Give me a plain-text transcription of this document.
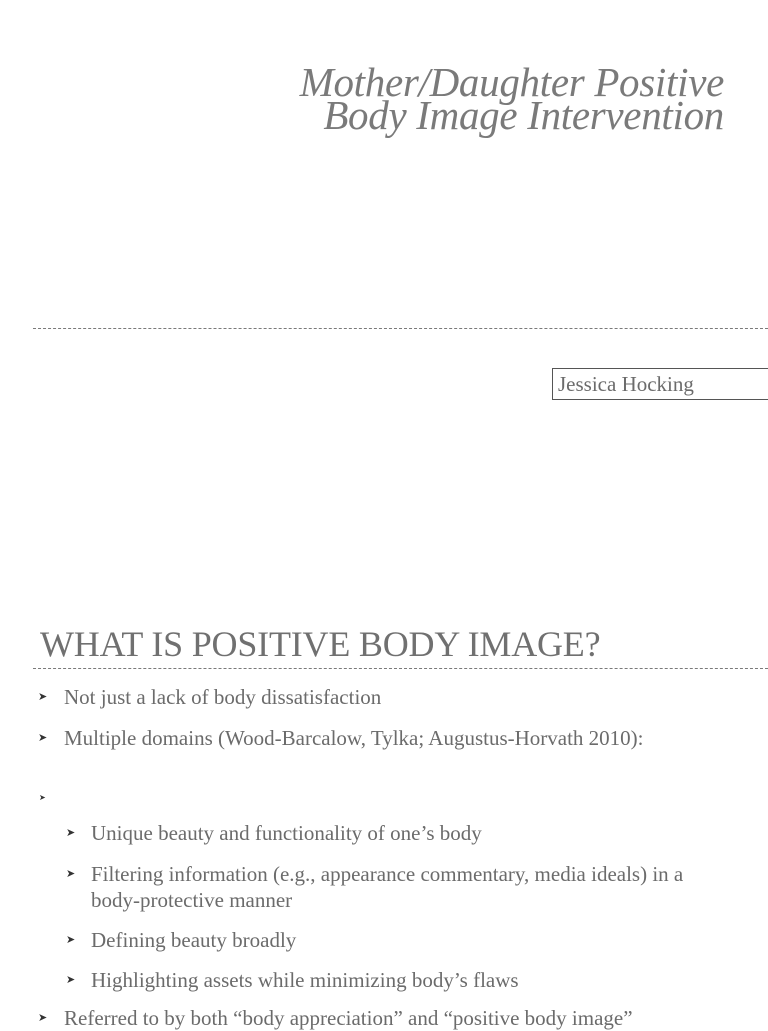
Mother/Daughter Positive
Body Image Intervention
Jessica Hocking
WHAT IS POSITIVE BODY IMAGE?
➤ Not just a lack of body dissatisfaction
➤ Multiple domains (Wood-Barcalow, Tylka; Augustus-Horvath 2010):
➤
➤ Unique beauty and functionality of one’s body
➤ Filtering information (e.g., appearance commentary, media ideals) in a body-protective manner
➤ Defining beauty broadly
➤ Highlighting assets while minimizing body’s flaws
➤ Referred to by both “body appreciation” and “positive body image”
